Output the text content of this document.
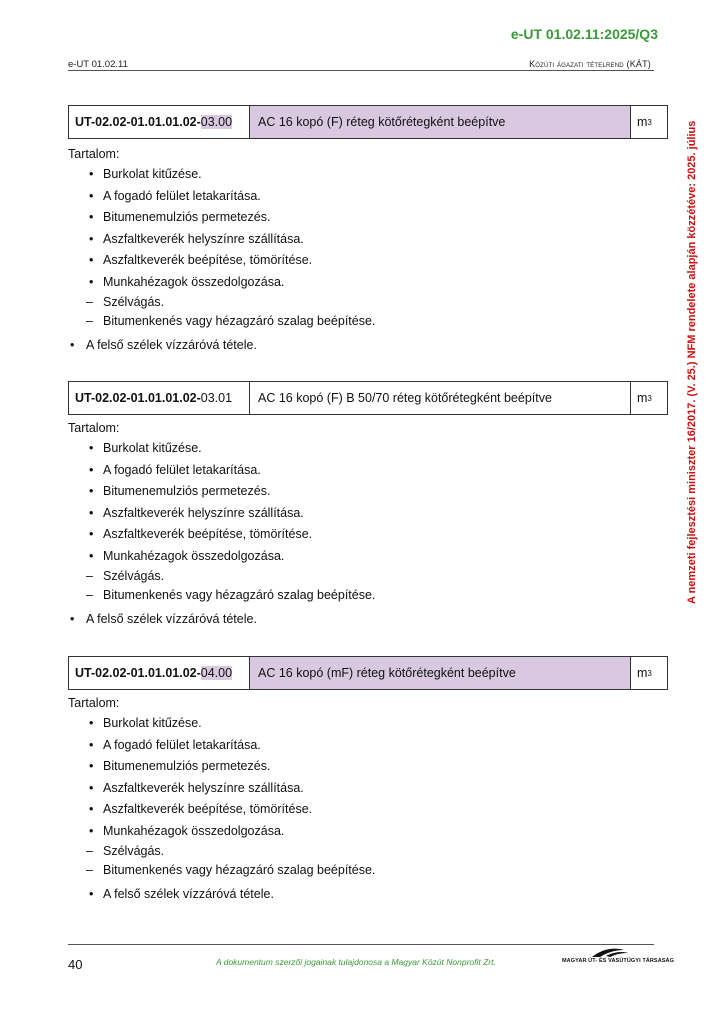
e-UT 01.02.11:2025/Q3
e-UT 01.02.11	Közúti ágazati tételrend (KÁT)
A nemzeti fejlesztési miniszter 16/2017. (V. 25.) NFM rendelete alapján közzétéve: 2025. július
UT-02.02-01.01.01.02- 03.00 AC 16 kopó (F) réteg kötőrétegként beépítve	m 3
Tartalom:
• Burkolat kitűzése.
• A fogadó felület letakarítása.
• Bitumenemulziós permetezés.
• Aszfaltkeverék helyszínre szállítása.
• Aszfaltkeverék beépítése, tömörítése.
• Munkahézagok összedolgozása.
– Szélvágás.
– Bitumenkenés vagy hézagzáró szalag beépítése.
• A felső szélek vízzáróvá tétele.
UT-02.02-01.01.01.02- 03.01 AC 16 kopó (F) B 50/70 réteg kötőrétegként beépítve	m 3
Tartalom:
• Burkolat kitűzése.
• A fogadó felület letakarítása.
• Bitumenemulziós permetezés.
• Aszfaltkeverék helyszínre szállítása.
• Aszfaltkeverék beépítése, tömörítése.
• Munkahézagok összedolgozása.
– Szélvágás.
– Bitumenkenés vagy hézagzáró szalag beépítése.
• A felső szélek vízzáróvá tétele.
UT-02.02-01.01.01.02- 04.00 AC 16 kopó (mF) réteg kötőrétegként beépítve	m 3
Tartalom:
• Burkolat kitűzése.
• A fogadó felület letakarítása.
• Bitumenemulziós permetezés.
• Aszfaltkeverék helyszínre szállítása.
• Aszfaltkeverék beépítése, tömörítése.
• Munkahézagok összedolgozása.
– Szélvágás.
– Bitumenkenés vagy hézagzáró szalag beépítése.
• A felső szélek vízzáróvá tétele.
40	A dokumentum szerzői jogainak tulajdonosa a Magyar Közút Nonprofit Zrt.	MAGYAR ÚT- ÉS VASÚTÜGYI TÁRSASÁG
